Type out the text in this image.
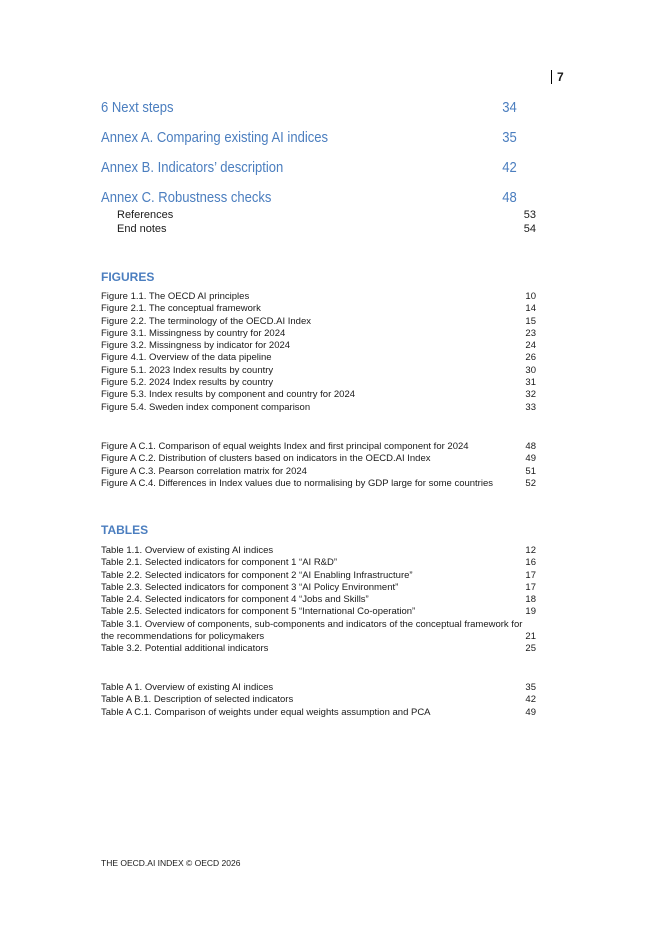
7
6 Next steps	34
Annex A. Comparing existing AI indices	35
Annex B. Indicators’ description	42
Annex C. Robustness checks	48
References	53
End notes	54
FIGURES
Figure 1.1. The OECD AI principles	10
Figure 2.1. The conceptual framework	14
Figure 2.2. The terminology of the OECD.AI Index	15
Figure 3.1. Missingness by country for 2024	23
Figure 3.2. Missingness by indicator for 2024	24
Figure 4.1. Overview of the data pipeline	26
Figure 5.1. 2023 Index results by country	30
Figure 5.2. 2024 Index results by country	31
Figure 5.3. Index results by component and country for 2024	32
Figure 5.4. Sweden index component comparison	33
Figure A C.1. Comparison of equal weights Index and first principal component for 2024	48
Figure A C.2. Distribution of clusters based on indicators in the OECD.AI Index	49
Figure A C.3. Pearson correlation matrix for 2024	51
Figure A C.4. Differences in Index values due to normalising by GDP large for some countries	52
TABLES
Table 1.1. Overview of existing AI indices	12
Table 2.1. Selected indicators for component 1 “AI R&D”	16
Table 2.2. Selected indicators for component 2 “AI Enabling Infrastructure”	17
Table 2.3. Selected indicators for component 3 “AI Policy Environment”	17
Table 2.4. Selected indicators for component 4 “Jobs and Skills”	18
Table 2.5. Selected indicators for component 5 “International Co-operation”	19
Table 3.1. Overview of components, sub-components and indicators of the conceptual framework for the recommendations for policymakers	21
Table 3.2. Potential additional indicators	25
Table A 1. Overview of existing AI indices	35
Table A B.1. Description of selected indicators	42
Table A C.1. Comparison of weights under equal weights assumption and PCA	49
THE OECD.AI INDEX © OECD 2026
